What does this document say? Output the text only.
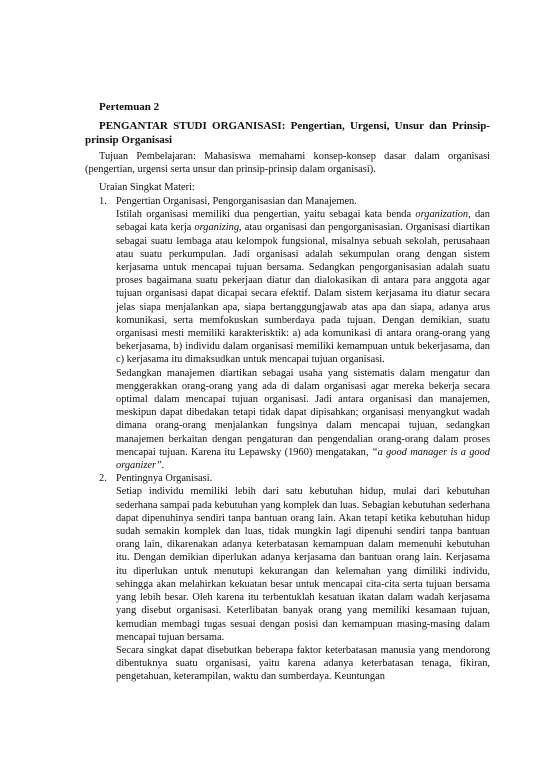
Pertemuan 2
PENGANTAR STUDI ORGANISASI: Pengertian, Urgensi, Unsur dan Prinsip-prinsip Organisasi
Tujuan Pembelajaran: Mahasiswa memahami konsep-konsep dasar dalam organisasi (pengertian, urgensi serta unsur dan prinsip-prinsip dalam organisasi).
Uraian Singkat Materi:
1. Pengertian Organisasi, Pengorganisasian dan Manajemen.

Istilah organisasi memiliki dua pengertian, yaitu sebagai kata benda organization, dan sebagai kata kerja organizing, atau organisasi dan pengorganisasian. Organisasi diartikan sebagai suatu lembaga atau kelompok fungsional, misalnya sebuah sekolah, perusahaan atau suatu perkumpulan. Jadi organisasi adalah sekumpulan orang dengan sistem kerjasama untuk mencapai tujuan bersama. Sedangkan pengorganisasian adalah suatu proses bagaimana suatu pekerjaan diatur dan dialokasikan di antara para anggota agar tujuan organisasi dapat dicapai secara efektif. Dalam sistem kerjasama itu diatur secara jelas siapa menjalankan apa, siapa bertanggungjawab atas apa dan siapa, adanya arus komunikasi, serta memfokuskan sumberdaya pada tujuan. Dengan demikian, suatu organisasi mesti memiliki karakterisktik: a) ada komunikasi di antara orang-orang yang bekerjasama, b) individu dalam organisasi memiliki kemampuan untuk bekerjasama, dan c) kerjasama itu dimaksudkan untuk mencapai tujuan organisasi.

Sedangkan manajemen diartikan sebagai usaha yang sistematis dalam mengatur dan menggerakkan orang-orang yang ada di dalam organisasi agar mereka bekerja secara optimal dalam mencapai tujuan organisasi. Jadi antara organisasi dan manajemen, meskipun dapat dibedakan tetapi tidak dapat dipisahkan; organisasi menyangkut wadah dimana orang-orang menjalankan fungsinya dalam mencapai tujuan, sedangkan manajemen berkaitan dengan pengaturan dan pengendalian orang-orang dalam proses mencapai tujuan. Karena itu Lepawsky (1960) mengatakan, “a good manager is a good organizer”.

2. Pentingnya Organisasi.

Setiap individu memiliki lebih dari satu kebutuhan hidup, mulai dari kebutuhan sederhana sampai pada kebutuhan yang komplek dan luas. Sebagian kebutuhan sederhana dapat dipenuhinya sendiri tanpa bantuan orang lain. Akan tetapi ketika kebutuhan hidup sudah semakin komplek dan luas, tidak mungkin lagi dipenuhi sendiri tanpa bantuan orang lain, dikarenakan adanya keterbatasan kemampuan dalam memenuhi kebutuhan itu. Dengan demikian diperlukan adanya kerjasama dan bantuan orang lain. Kerjasama itu diperlukan untuk menutupi kekurangan dan kelemahan yang dimiliki individu, sehingga akan melahirkan kekuatan besar untuk mencapai cita-cita serta tujuan bersama yang lebih besar. Oleh karena itu terbentuklah kesatuan ikatan dalam wadah kerjasama yang disebut organisasi. Keterlibatan banyak orang yang memiliki kesamaan tujuan, kemudian membagi tugas sesuai dengan posisi dan kemampuan masing-masing dalam mencapai tujuan bersama.

Secara singkat dapat disebutkan beberapa faktor keterbatasan manusia yang mendorong dibentuknya suatu organisasi, yaitu karena adanya keterbatasan tenaga, fikiran, pengetahuan, keterampilan, waktu dan sumberdaya. Keuntungan
